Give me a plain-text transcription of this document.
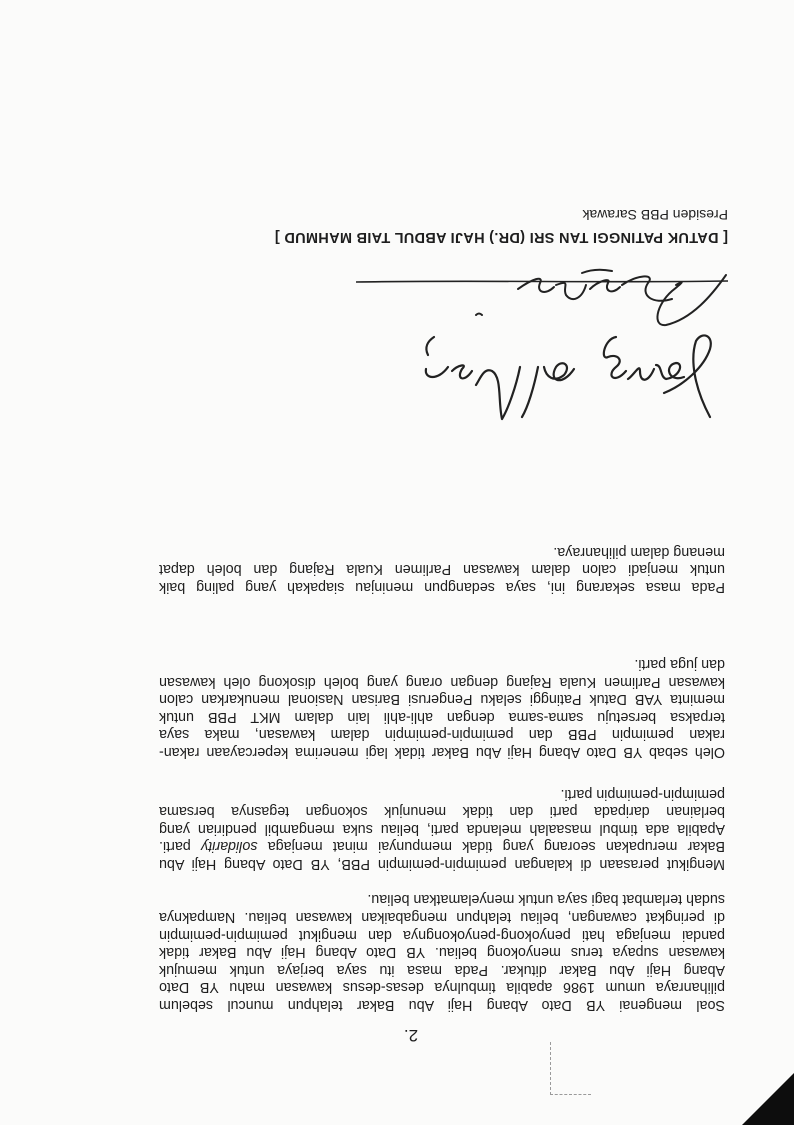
2.
Soal mengenai YB Dato Abang Haji Abu Bakar telahpun muncul sebelum
pilihanraya umum 1986 apabila timbulnya desas-desus kawasan mahu YB Dato
Abang Haji Abu Bakar ditukar. Pada masa itu saya berjaya untuk memujuk
kawasan supaya terus menyokong beliau. YB Dato Abang Haji Abu Bakar tidak
pandai menjaga hati penyokong-penyokongnya dan mengikut pemimpin-pemimpin
di peringkat cawangan, beliau telahpun mengabaikan kawasan beliau. Nampaknya
sudah terlambat bagi saya untuk menyelamatkan beliau.
Mengikut perasaan di kalangan pemimpin-pemimpin PBB, YB Dato Abang Haji Abu
Bakar merupakan seorang yang tidak mempunyai minat menjaga solidarity parti.
Apabila ada timbul masaalah melanda parti, beliau suka mengambil pendirian yang
berlainan daripada parti dan tidak menunjuk sokongan tegasnya bersama
pemimpin-pemimpin parti.
Oleh sebab YB Dato Abang Haji Abu Bakar tidak lagi menerima kepercayaan rakan-
rakan pemimpin PBB dan pemimpin-pemimpin dalam kawasan, maka saya
terpaksa bersetuju sama-sama dengan ahli-ahli lain dalam MKT PBB untuk
meminta YAB Datuk Patinggi selaku Pengerusi Barisan Nasional menukarkan calon
kawasan Parlimen Kuala Rajang dengan orang yang boleh disokong oleh kawasan
dan juga parti.
Pada masa sekarang ini, saya sedangpun meninjau siapakah yang paling baik
untuk menjadi calon dalam kawasan Parlimen Kuala Rajang dan boleh dapat
menang dalam pilihanraya.
[ DATUK PATINGGI TAN SRI (DR.) HAJI ABDUL TAIB MAHMUD ]
Presiden PBB Sarawak
